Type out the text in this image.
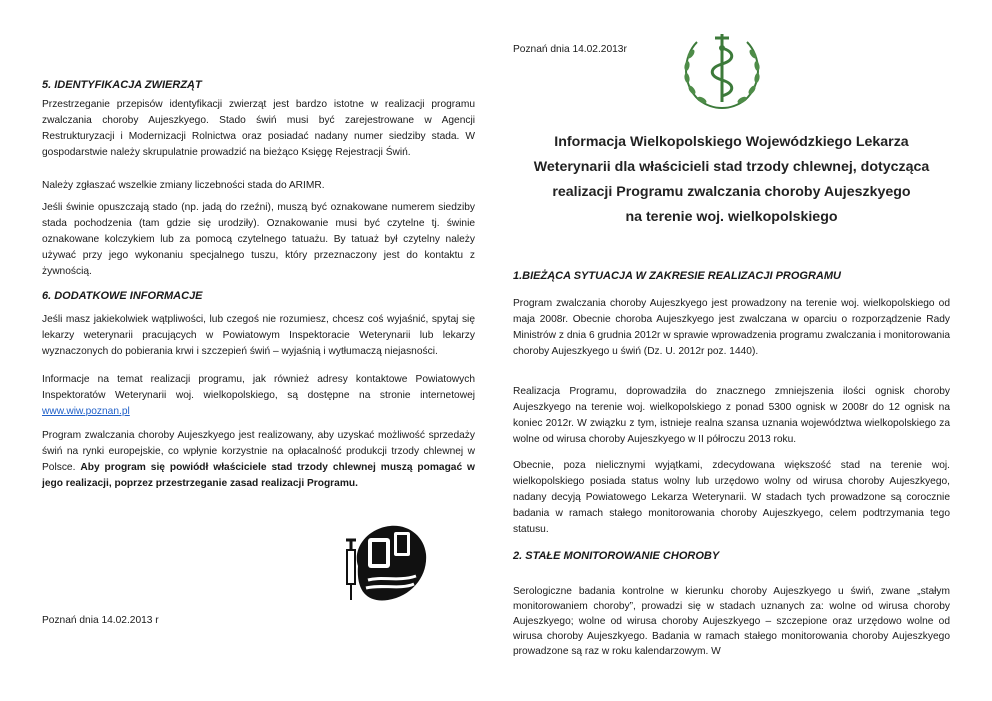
5. IDENTYFIKACJA ZWIERZĄT

Przestrzeganie przepisów identyfikacji zwierząt jest bardzo istotne w realizacji programu zwalczania choroby Aujeszkyego. Stado świń musi być zarejestrowane w Agencji Restrukturyzacji i Modernizacji Rolnictwa oraz posiadać nadany numer siedziby stada. W gospodarstwie należy skrupulatnie prowadzić na bieżąco Księgę Rejestracji Świń.

Należy zgłaszać wszelkie zmiany liczebności stada do ARIMR.

Jeśli świnie opuszczają stado (np. jadą do rzeźni), muszą być oznakowane numerem siedziby stada pochodzenia (tam gdzie się urodziły). Oznakowanie musi być czytelne tj. świnie oznakowane kolczykiem lub za pomocą czytelnego tatuażu. By tatuaż był czytelny należy używać przy jego wykonaniu specjalnego tuszu, który przeznaczony jest do kontaktu z żywnością.

6. DODATKOWE INFORMACJE

Jeśli masz jakiekolwiek wątpliwości, lub czegoś nie rozumiesz, chcesz coś wyjaśnić, spytaj się lekarzy weterynarii pracujących w Powiatowym Inspektoracie Weterynarii lub lekarzy wyznaczonych do pobierania krwi i szczepień świń – wyjaśnią i wytłumaczą niejasności.

Informacje na temat realizacji programu, jak również adresy kontaktowe Powiatowych Inspektoratów Weterynarii woj. wielkopolskiego, są dostępne na stronie internetowej www.wiw.poznan.pl

Program zwalczania choroby Aujeszkyego jest realizowany, aby uzyskać możliwość sprzedaży świń na rynki europejskie, co wpłynie korzystnie na opłacalność produkcji trzody chlewnej w Polsce. Aby program się powiódł właściciele stad trzody chlewnej muszą pomagać w jego realizacji, poprzez przestrzeganie zasad realizacji Programu.

Poznań dnia 14.02.2013 r
Poznań dnia 14.02.2013r
Informacja Wielkopolskiego Wojewódzkiego Lekarza
Weterynarii dla właścicieli stad trzody chlewnej, dotycząca
realizacji Programu zwalczania choroby Aujeszkyego
na terenie woj. wielkopolskiego
1.BIEŻĄCA SYTUACJA W ZAKRESIE REALIZACJI PROGRAMU

Program zwalczania choroby Aujeszkyego jest prowadzony na terenie woj. wielkopolskiego od maja 2008r. Obecnie choroba Aujeszkyego jest zwalczana w oparciu o rozporządzenie Rady Ministrów z dnia 6 grudnia 2012r w sprawie wprowadzenia programu zwalczania i monitorowania choroby Aujeszkyego u świń (Dz. U. 2012r poz. 1440).

Realizacja Programu, doprowadziła do znacznego zmniejszenia ilości ognisk choroby Aujeszkyego na terenie woj. wielkopolskiego z ponad 5300 ognisk w 2008r do 12 ognisk na koniec 2012r. W związku z tym, istnieje realna szansa uznania województwa wielkopolskiego za wolne od wirusa choroby Aujeszkyego w II półroczu 2013 roku.

Obecnie, poza nielicznymi wyjątkami, zdecydowana większość stad na terenie woj. wielkopolskiego posiada status wolny lub urzędowo wolny od wirusa choroby Aujeszkyego, nadany decyją Powiatowego Lekarza Weterynarii. W stadach tych prowadzone są corocznie badania w ramach stałego monitorowania choroby Aujeszkyego, celem podtrzymania tego statusu.

2. STAŁE MONITOROWANIE CHOROBY

Serologiczne badania kontrolne w kierunku choroby Aujeszkyego u świń, zwane „stałym monitorowaniem choroby”, prowadzi się w stadach uznanych za: wolne od wirusa choroby Aujeszkyego; wolne od wirusa choroby Aujeszkyego – szczepione oraz urzędowo wolne od wirusa choroby Aujeszkyego. Badania w ramach stałego monitorowania choroby Aujeszkyego prowadzone są raz w roku kalendarzowym. W
